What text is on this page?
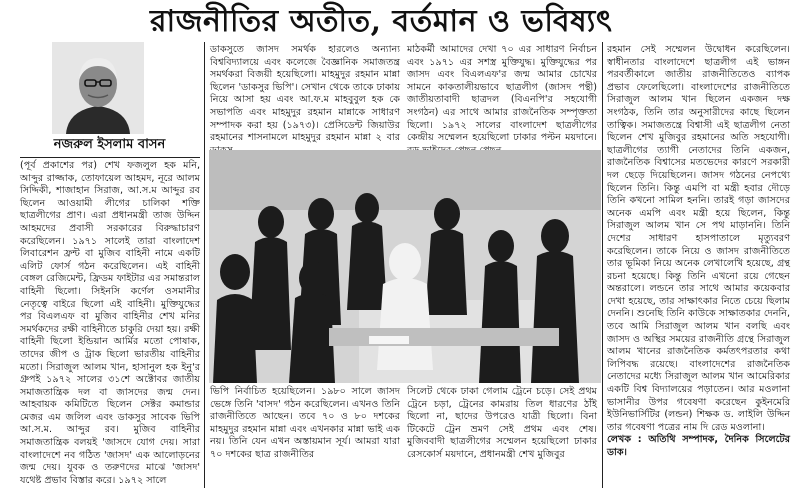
রাজনীতির অতীত, বর্তমান ও ভবিষ্যৎ
নজরুল ইসলাম বাসন

(পূর্ব প্রকাশের পর) শেখ ফজলুল হক মনি, আব্দুর রাজ্জাক, তোফায়েল আহমদ, নূরে আলম সিদ্দিকী, শাজাহান সিরাজ, আ.স.ম আব্দুর রব ছিলেন আওয়ামী লীগের চালিকা শক্তি ছাত্রলীগের প্রাণ। এরা প্রধানমন্ত্রী তাজ উদ্দিন আহমদের প্রবাসী সরকারের বিরুদ্ধাচারণ করেছিলেন। ১৯৭১ সালেই তারা বাংলাদেশ লিবারেশন ফ্রন্ট বা মুজিব বাহিনী নামে একটি এলিট ফোর্স গঠন করেছিলেন। এই বাহিনী বেঙ্গল রেজিমেন্ট, ফ্রিডম ফাইটার এর সমান্তরাল বাহিনী ছিলো। সিইনসি কর্ণেল ওসমানীর নেতৃত্বে বাইরে ছিলো এই বাহিনী। মুক্তিযুদ্ধের পর বিএলএফ বা মুজিব বাহিনীর শেখ মনির সমর্থকদের রক্ষী বাহিনীতে চাকুরি দেয়া হয়। রক্ষী বাহিনী ছিলো ইন্ডিয়ান আর্মির মতো পোষাক, তাদের জীপ ও ট্রাক ছিলো ভারতীয় বাহিনীর মতো। সিরাজুল আলম খান, হাসানুল হক ইনু'র গ্রুপই ১৯৭২ সালের ৩১শে অক্টোবর জাতীয় সমাজতান্ত্রিক দল বা জাসদের জন্ম দেন। আহবায়ক কমিটিতে ছিলেন সেক্টর কমান্ডার মেজর এম জলিল এবং ডাকসুর সাবেক ভিপি আ.স.ম. আব্দুর রব। মুজিব বাহিনীর সমাজতান্ত্রিক বলয়ই 'জাসদে যোগ দেয়। সারা বাংলাদেশে নব গঠিত 'জাসদ' এক আলোড়নের জন্ম দেয়। যুবক ও তরুণদের মাঝে 'জাসদ' যথেষ্ট প্রভাব বিস্তার করে। ১৯৭২ সালে

ডাকসুতে জাসদ সমর্থক হারলেও অন্যান্য বিশ্ববিদ্যালয়ে এবং কলেজে বৈজ্ঞানিক সমাজতন্ত্র সমর্থকরা বিজয়ী হয়েছিলো। মাহমুদুর রহমান মান্না ছিলেন 'ডাকসুর ভিপি'। সেখান থেকে তাকে ঢাকায় নিয়ে আসা হয় এবং আ.ফ.ম মাহবুবুল হক কে সভাপতি এবং মাহমুদুর রহমান মান্নাকে সাধারণ সম্পাদক করা হয় (১৯৭৩)। প্রেসিডেন্ট জিয়াউর রহমানের শাসনামলে মাহমুদুর রহমান মান্না ২ বার

মাঠকর্মী আমাদের দেখা ৭০ এর সাধারণ নির্বাচন এবং ১৯৭১ এর সশস্ত্র মুক্তিযুদ্ধ। মুক্তিযুদ্ধের পর জাসদ এবং বিএলএফ'র জন্ম আমার চোখের সামনে কাকতালীয়ভাবে ছাত্রলীগ (জাসদ পন্থী) জাতীয়তাবাদী ছাত্রদল (বিএনপি'র সহযোগী সংগঠন) এর সাথে আমার রাজনৈতিক সম্পৃক্ততা ছিলো। ১৯৭২ সালের বাংলাদেশ ছাত্রলীগের কেন্দ্রীয় সম্মেলন হয়েছিলো ঢাকার পল্টন ময়দানে।

রহমান সেই সম্মেলন উদ্বোধন করেছিলেন। স্বাধীনতার বাংলাদেশে ছাত্রলীগ এই ভাঙ্গন পরবর্তীকালে জাতীয় রাজনীতিতেও ব্যাপক প্রভাব ফেলেছিলো। বাংলাদেশের রাজনীতিতে সিরাজুল আলম খান ছিলেন একজন দক্ষ সংগঠক, তিনি তার অনুসারীদের কাছে ছিলেন তাত্বিক। সমাজতন্ত্রে বিশ্বাসী এই ছাত্রলীগ নেতা ছিলেন শেখ মুজিবুর রহমানের অতি সহযোগী। ছাত্রলীগের ত্যাগী নেতাদের তিনি একজন, রাজনৈতিক বিশ্বাসের মতভেদের কারণে সরকারী দল ছেড়ে দিয়েছিলেন। জাসদ গঠনের নেপথ্যে ছিলেন তিনি। কিন্তু এমপি বা মন্ত্রী হবার দৌড়ে তিনি কখনো সামিল হননি। তারই গড়া জাসদের অনেক এমপি এবং মন্ত্রী হয়ে ছিলেন, কিন্তু সিরাজুল আলম খান সে পথ মাড়াননি। তিনি দেশের সাধারণ হাসপাতালে মৃত্যুবরণ করেছিলেন। তাকে নিয়ে ও জাসদ রাজনীতিতে তার ভূমিকা নিয়ে অনেক লেখালেখি হয়েছে, গ্রন্থ রচনা হয়েছে। কিন্তু তিনি এখনো রয়ে গেছেন অন্তরালে। লন্ডনে তার সাথে আমার কয়েকবার দেখা হয়েছে, তার সাক্ষাৎকার নিতে চেয়ে ছিলাম দেননি। শুনেছি তিনি কাউকে সাক্ষাতকার দেননি, তবে আমি সিরাজুল আলম খান বলছি এবং জাসদ ও অস্থির সময়ের রাজনীতি গ্রন্থে সিরাজুল আলম খানের রাজনৈতিক কর্মতৎপরতার কথা লিপিবদ্ধ রয়েছে। বাংলাদেশের রাজনৈতিক নেতাদের মধ্যে সিরাজুল আলম খান আমেরিকার একটি বিশ্ব বিদ্যালয়ের পড়াতেন। আর মওলানা ভাসানীর উপর গবেষণা করেছেন কুইনমেরি ইউনিভার্সিটির (লন্ডন) শিক্ষক ড. লাইলি উদ্দিন তার গবেষণা পত্রের নাম দি রেড মওলানা।

লেখক : অতিথি সম্পাদক, দৈনিক সিলেটের ডাক।

ভিপি নির্বাচিত হয়েছিলেন। ১৯৮০ সালে জাসদ ভেঙ্গে তিনি 'বাসদ' গঠন করেছিলেন। এখনও তিনি রাজনীতিতে আছেন। তবে ৭০ ও ৮০ দশকের মাহমুদুর রহমান মান্না এবং এখনকার মান্না ভাই এক নয়। তিনি যেন এখন অস্তায়মান সূর্য। আমরা যারা ৭০ দশকের ছাত্র রাজনীতির

সিলেট থেকে ঢাকা গেলাম ট্রেনে চড়ে। সেই প্রথম ট্রেনে চড়া, ট্রেনের কামরায় তিল ধারণের ঠাঁই ছিলো না, ছাদের উপরেও যাত্রী ছিলো। বিনা টিকেটে ট্রেন ভ্রমণ সেই প্রথম এবং শেষ। মুজিববাদী ছাত্রলীগের সম্মেলন হয়েছিলো ঢাকার রেসকোর্স ময়দানে, প্রধানমন্ত্রী শেখ মুজিবুর
